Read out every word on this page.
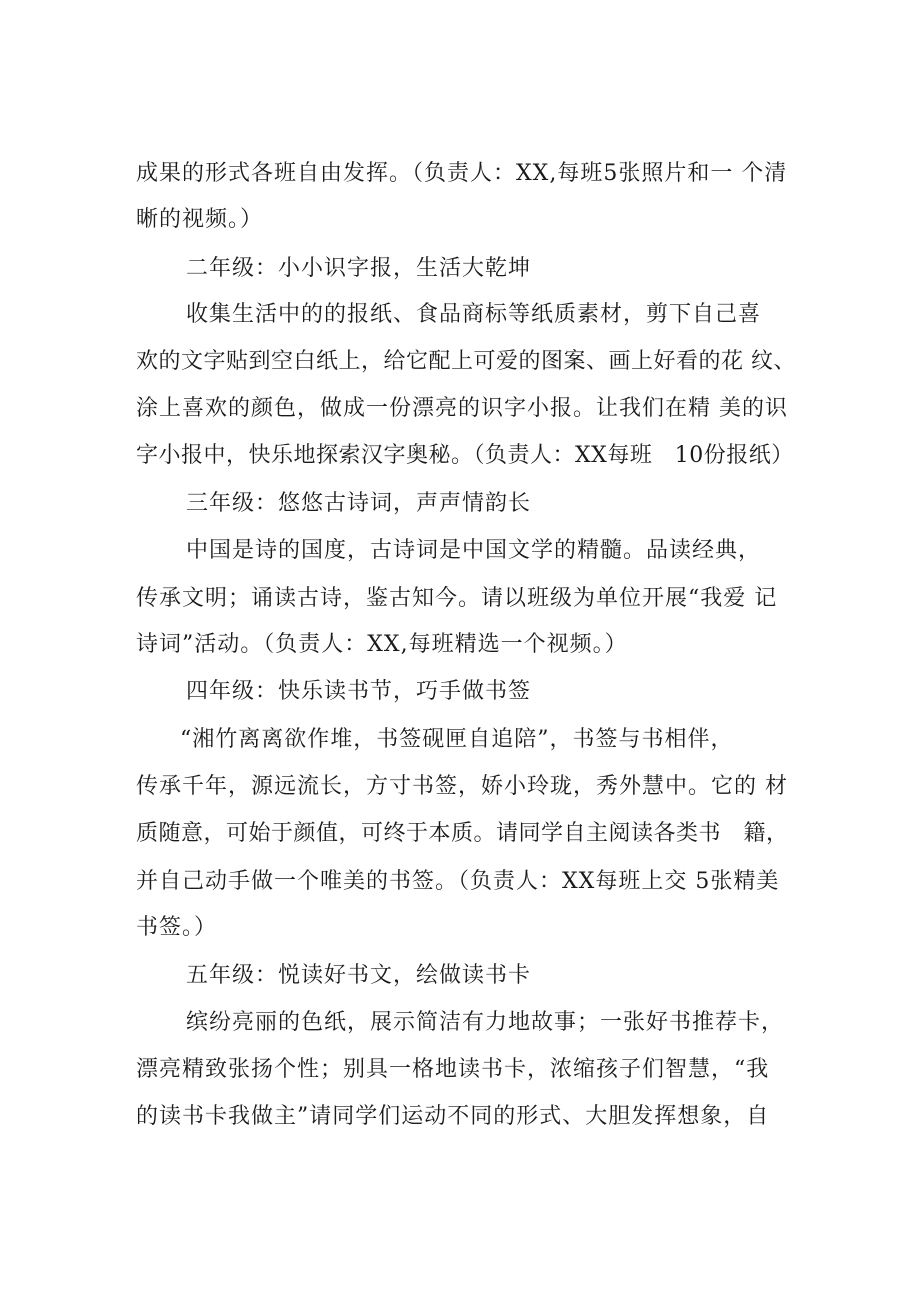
成果的形式各班自由发挥。（负责人：XX,每班5张照片和一 个清
晰的视频。）
二年级：小小识字报，生活大乾坤
收集生活中的的报纸、食品商标等纸质素材，剪下自己喜
欢的文字贴到空白纸上，给它配上可爱的图案、画上好看的花 纹、
涂上喜欢的颜色，做成一份漂亮的识字小报。让我们在精 美的识
字小报中，快乐地探索汉字奥秘。（负责人：XX每班   10份报纸）
三年级：悠悠古诗词，声声情韵长
中国是诗的国度，古诗词是中国文学的精髓。品读经典，
传承文明；诵读古诗，鉴古知今。请以班级为单位开展“我爱 记
诗词”活动。（负责人：XX,每班精选一个视频。）
四年级：快乐读书节，巧手做书签
“湘竹离离欲作堆，书签砚匣自追陪”，书签与书相伴，
传承千年，源远流长，方寸书签，娇小玲珑，秀外慧中。它的 材
质随意，可始于颜值，可终于本质。请同学自主阅读各类书   籍，
并自己动手做一个唯美的书签。（负责人：XX每班上交 5张精美
书签。）
五年级：悦读好书文，绘做读书卡
缤纷亮丽的色纸，展示简洁有力地故事；一张好书推荐卡，
漂亮精致张扬个性；别具一格地读书卡，浓缩孩子们智慧，“我
的读书卡我做主”请同学们运动不同的形式、大胆发挥想象，自
